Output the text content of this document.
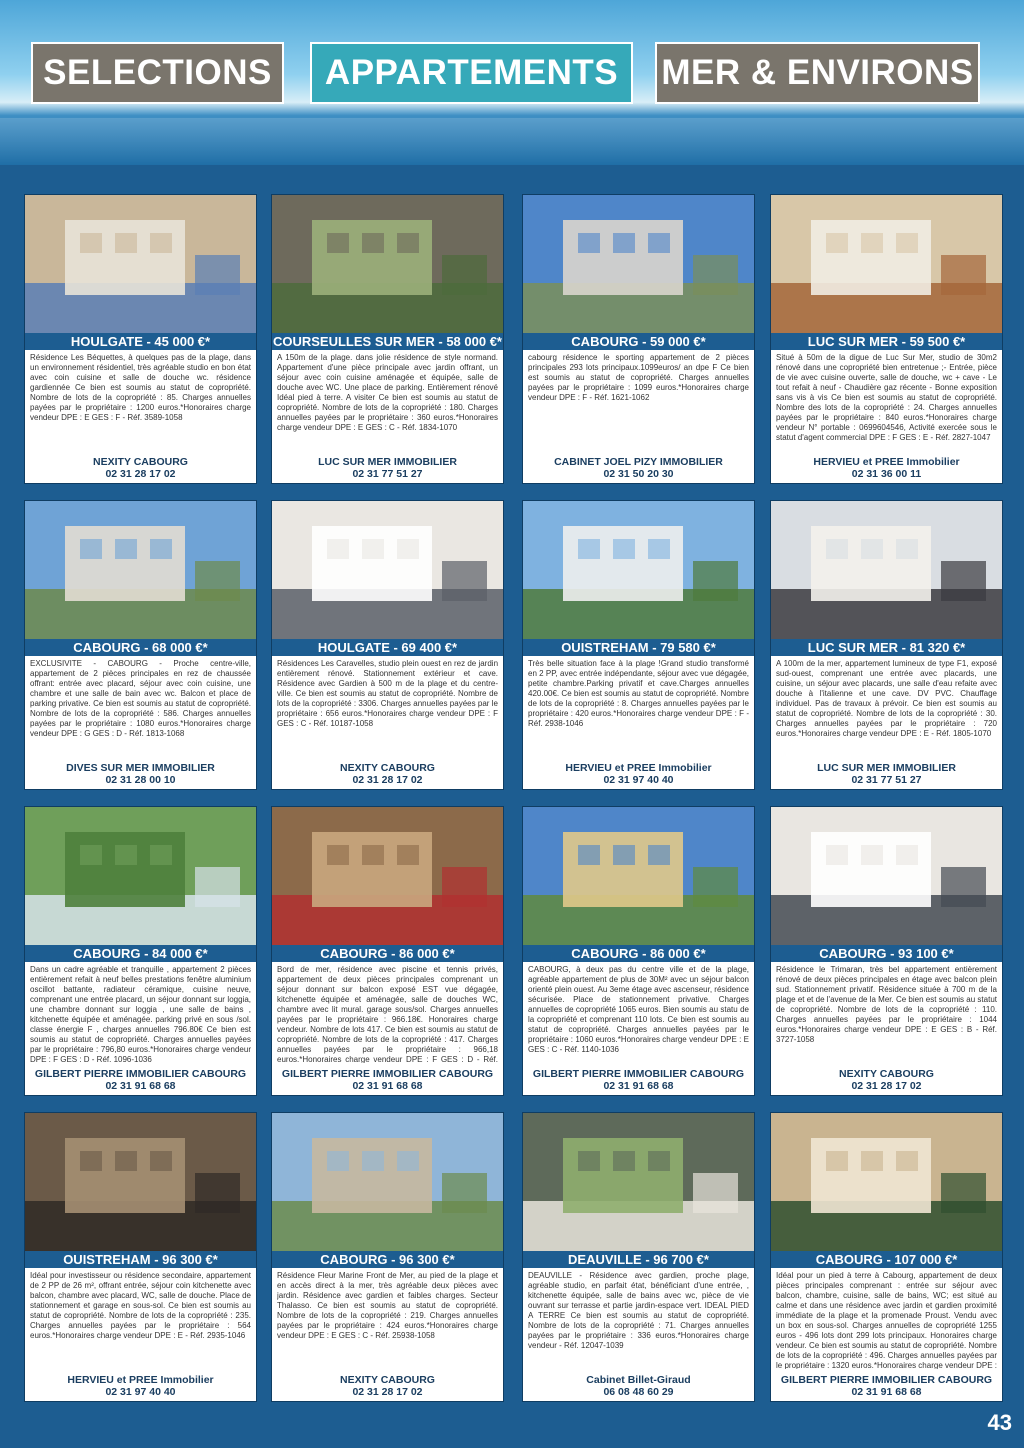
SELECTIONS	APPARTEMENTS	MER & ENVIRONS
HOULGATE - 45 000 €*
Résidence Les Béquettes, à quelques pas de la plage, dans un environnement résidentiel, très agréable studio en bon état avec coin cuisine et salle de douche wc. résidence gardiennée Ce bien est soumis au statut de copropriété. Nombre de lots de la copropriété : 85. Charges annuelles payées par le propriétaire : 1200 euros.*Honoraires charge vendeur DPE : E GES : F - Réf. 3589-1058
NEXITY CABOURG
02 31 28 17 02
COURSEULLES SUR MER - 58 000 €*
A 150m de la plage. dans jolie résidence de style normand. Appartement d'une pièce principale avec jardin offrant, un séjour avec coin cuisine aménagée et équipée, salle de douche avec WC. Une place de parking. Entièrement rénové Idéal pied à terre. A visiter Ce bien est soumis au statut de copropriété. Nombre de lots de la copropriété : 180. Charges annuelles payées par le propriétaire : 360 euros.*Honoraires charge vendeur DPE : E GES : C - Réf. 1834-1070
LUC SUR MER IMMOBILIER
02 31 77 51 27
CABOURG - 59 000 €*
cabourg résidence le sporting appartement de 2 pièces principales 293 lots principaux.1099euros/ an dpe F Ce bien est soumis au statut de copropriété. Charges annuelles payées par le propriétaire : 1099 euros.*Honoraires charge vendeur DPE : F - Réf. 1621-1062
CABINET JOEL PIZY IMMOBILIER
02 31 50 20 30
LUC SUR MER - 59 500 €*
Situé à 50m de la digue de Luc Sur Mer, studio de 30m2 rénové dans une copropriété bien entretenue ;- Entrée, pièce de vie avec cuisine ouverte, salle de douche, wc + cave - Le tout refait à neuf - Chaudière gaz récente - Bonne exposition sans vis à vis Ce bien est soumis au statut de copropriété. Nombre des lots de la copropriété : 24. Charges annuelles payées par le propriétaire : 840 euros.*Honoraires charge vendeur N° portable : 0699604546, Activité exercée sous le statut d'agent commercial DPE : F GES : E - Réf. 2827-1047
HERVIEU et PREE Immobilier
02 31 36 00 11
CABOURG - 68 000 €*
EXCLUSIVITE - CABOURG - Proche centre-ville, appartement de 2 pièces principales en rez de chaussée offrant: entrée avec placard, séjour avec coin cuisine, une chambre et une salle de bain avec wc. Balcon et place de parking privative. Ce bien est soumis au statut de copropriété. Nombre de lots de la copropriété : 586. Charges annuelles payées par le propriétaire : 1080 euros.*Honoraires charge vendeur DPE : G GES : D - Réf. 1813-1068
DIVES SUR MER IMMOBILIER
02 31 28 00 10
HOULGATE - 69 400 €*
Résidences Les Caravelles, studio plein ouest en rez de jardin entièrement rénové. Stationnement extérieur et cave. Résidence avec Gardien à 500 m de la plage et du centre-ville. Ce bien est soumis au statut de copropriété. Nombre de lots de la copropriété : 3306. Charges annuelles payées par le propriétaire : 656 euros.*Honoraires charge vendeur DPE : F GES : C - Réf. 10187-1058
NEXITY CABOURG
02 31 28 17 02
OUISTREHAM - 79 580 €*
Très belle situation face à la plage !Grand studio transformé en 2 PP, avec entrée indépendante, séjour avec vue dégagée, petite chambre.Parking privatif et cave.Charges annuelles 420.00€. Ce bien est soumis au statut de copropriété. Nombre de lots de la copropriété : 8. Charges annuelles payées par le propriétaire : 420 euros.*Honoraires charge vendeur DPE : F - Réf. 2938-1046
HERVIEU et PREE Immobilier
02 31 97 40 40
LUC SUR MER - 81 320 €*
A 100m de la mer, appartement lumineux de type F1, exposé sud-ouest, comprenant une entrée avec placards, une cuisine, un séjour avec placards, une salle d'eau refaite avec douche à l'italienne et une cave. DV PVC. Chauffage individuel. Pas de travaux à prévoir. Ce bien est soumis au statut de copropriété. Nombre de lots de la copropriété : 30. Charges annuelles payées par le propriétaire : 720 euros.*Honoraires charge vendeur DPE : E - Réf. 1805-1070
LUC SUR MER IMMOBILIER
02 31 77 51 27
CABOURG - 84 000 €*
Dans un cadre agréable et tranquille , appartement 2 pièces entièrement refait à neuf belles prestations fenêtre aluminium oscillot battante, radiateur céramique, cuisine neuve, comprenant une entrée placard, un séjour donnant sur loggia, une chambre donnant sur loggia , une salle de bains , kitchenette équipée et aménagée. parking privé en sous /sol. classe énergie F , charges annuelles 796.80€ Ce bien est soumis au statut de copropriété. Charges annuelles payées par le propriétaire : 796,80 euros.*Honoraires charge vendeur DPE : F GES : D - Réf. 1096-1036
GILBERT PIERRE IMMOBILIER CABOURG
02 31 91 68 68
CABOURG - 86 000 €*
Bord de mer, résidence avec piscine et tennis privés, appartement de deux pièces principales comprenant un séjour donnant sur balcon exposé EST vue dégagée, kitchenette équipée et aménagée, salle de douches WC, chambre avec lit mural. garage sous/sol. Charges annuelles payées par le propriétaire : 966.18€. Honoraires charge vendeur. Nombre de lots 417. Ce bien est soumis au statut de copropriété. Nombre de lots de la copropriété : 417. Charges annuelles payées par le propriétaire : 966,18 euros.*Honoraires charge vendeur DPE : F GES : D - Réf.
GILBERT PIERRE IMMOBILIER CABOURG
02 31 91 68 68
CABOURG - 86 000 €*
CABOURG, à deux pas du centre ville et de la plage, agréable appartement de plus de 30M² avec un séjour balcon orienté plein ouest. Au 3eme étage avec ascenseur, résidence sécurisée. Place de stationnement privative. Charges annuelles de copropriété 1065 euros. Bien soumis au statu de la copropriété et comprenant 110 lots. Ce bien est soumis au statut de copropriété. Charges annuelles payées par le propriétaire : 1060 euros.*Honoraires charge vendeur DPE : E GES : C - Réf. 1140-1036
GILBERT PIERRE IMMOBILIER CABOURG
02 31 91 68 68
CABOURG - 93 100 €*
Résidence le Trimaran, très bel appartement entièrement rénové de deux pièces principales en étage avec balcon plein sud. Stationnement privatif. Résidence située à 700 m de la plage et et de l'avenue de la Mer. Ce bien est soumis au statut de copropriété. Nombre de lots de la copropriété : 110. Charges annuelles payées par le propriétaire : 1044 euros.*Honoraires charge vendeur DPE : E GES : B - Réf. 3727-1058
NEXITY CABOURG
02 31 28 17 02
OUISTREHAM - 96 300 €*
Idéal pour investisseur ou résidence secondaire, appartement de 2 PP de 26 m², offrant entrée, séjour coin kitchenette avec balcon, chambre avec placard, WC, salle de douche. Place de stationnement et garage en sous-sol. Ce bien est soumis au statut de copropriété. Nombre de lots de la copropriété : 235. Charges annuelles payées par le propriétaire : 564 euros.*Honoraires charge vendeur DPE : E - Réf. 2935-1046
HERVIEU et PREE Immobilier
02 31 97 40 40
CABOURG - 96 300 €*
Résidence Fleur Marine Front de Mer, au pied de la plage et en accès direct à la mer, très agréable deux pièces avec jardin. Résidence avec gardien et faibles charges. Secteur Thalasso. Ce bien est soumis au statut de copropriété. Nombre de lots de la copropriété : 219. Charges annuelles payées par le propriétaire : 424 euros.*Honoraires charge vendeur DPE : E GES : C - Réf. 25938-1058
NEXITY CABOURG
02 31 28 17 02
DEAUVILLE - 96 700 €*
DEAUVILLE - Résidence avec gardien, proche plage, agréable studio, en parfait état, bénéficiant d'une entrée, , kitchenette équipée, salle de bains avec wc, pièce de vie ouvrant sur terrasse et partie jardin-espace vert. IDEAL PIED A TERRE Ce bien est soumis au statut de copropriété. Nombre de lots de la copropriété : 71. Charges annuelles payées par le propriétaire : 336 euros.*Honoraires charge vendeur - Réf. 12047-1039
Cabinet Billet-Giraud
06 08 48 60 29
CABOURG - 107 000 €*
Idéal pour un pied à terre à Cabourg, appartement de deux pièces principales comprenant : entrée sur séjour avec balcon, chambre, cuisine, salle de bains, WC; est situé au calme et dans une résidence avec jardin et gardien proximité immédiate de la plage et la promenade Proust. Vendu avec un box en sous-sol. Charges annuelles de copropriété 1255 euros - 496 lots dont 299 lots principaux. Honoraires charge vendeur. Ce bien est soumis au statut de copropriété. Nombre de lots de la copropriété : 496. Charges annuelles payées par le propriétaire : 1320 euros.*Honoraires charge vendeur DPE :
GILBERT PIERRE IMMOBILIER CABOURG
02 31 91 68 68
43
